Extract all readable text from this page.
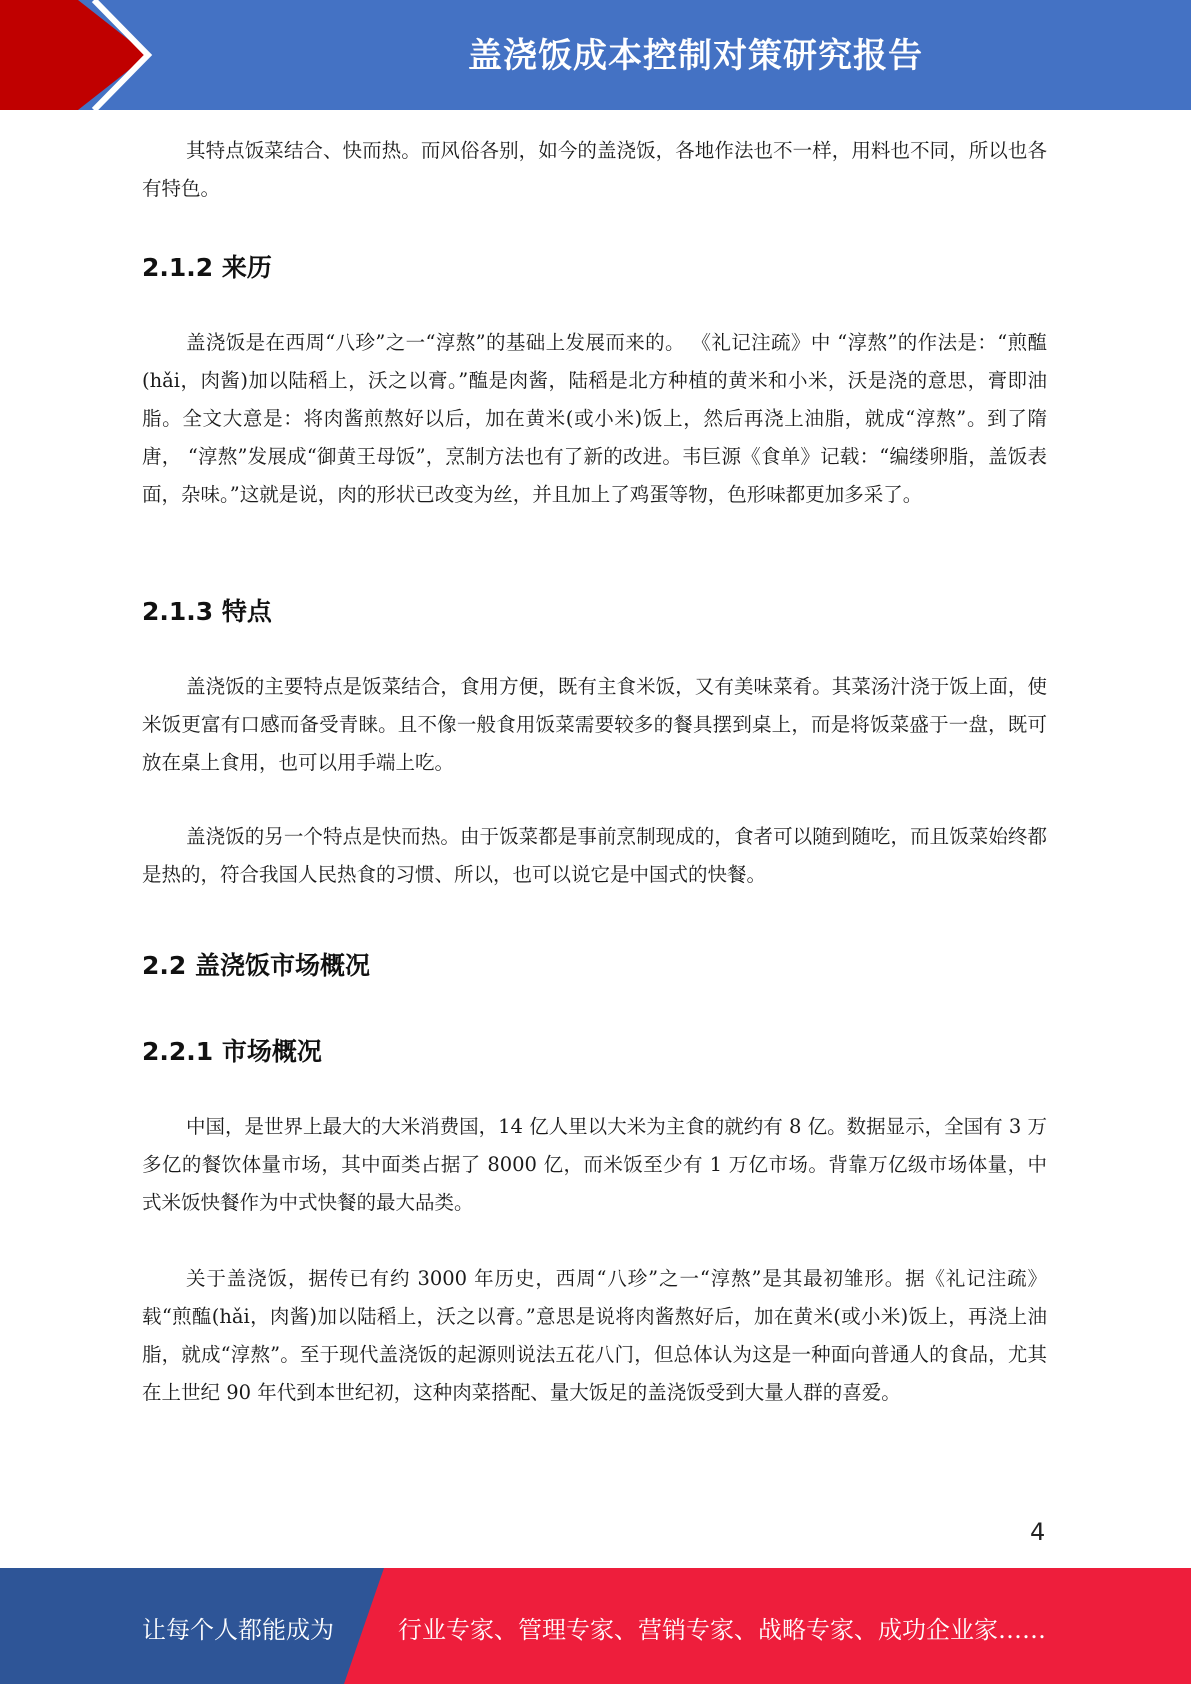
盖浇饭成本控制对策研究报告

其特点饭菜结合、快而热。而风俗各别，如今的盖浇饭，各地作法也不一样，用料也不同，所以也各有特色。

2.1.2 来历

盖浇饭是在西周“八珍”之一“淳熬”的基础上发展而来的。 《礼记注疏》中 “淳熬”的作法是：“煎醢(hǎi，肉酱)加以陆稻上，沃之以膏。”醢是肉酱，陆稻是北方种植的黄米和小米，沃是浇的意思，膏即油脂。全文大意是：将肉酱煎熬好以后，加在黄米(或小米)饭上，然后再浇上油脂，就成“淳熬”。到了隋唐， “淳熬”发展成“御黄王母饭”，烹制方法也有了新的改进。韦巨源《食单》记载：“编缕卵脂，盖饭表面，杂味。”这就是说，肉的形状已改变为丝，并且加上了鸡蛋等物，色形味都更加多采了。

2.1.3 特点

盖浇饭的主要特点是饭菜结合，食用方便，既有主食米饭，又有美味菜肴。其菜汤汁浇于饭上面，使米饭更富有口感而备受青睐。且不像一般食用饭菜需要较多的餐具摆到桌上，而是将饭菜盛于一盘，既可放在桌上食用，也可以用手端上吃。

盖浇饭的另一个特点是快而热。由于饭菜都是事前烹制现成的，食者可以随到随吃，而且饭菜始终都是热的，符合我国人民热食的习惯、所以，也可以说它是中国式的快餐。

2.2 盖浇饭市场概况
2.2.1 市场概况

中国，是世界上最大的大米消费国，14 亿人里以大米为主食的就约有 8 亿。数据显示，全国有 3 万多亿的餐饮体量市场，其中面类占据了 8000 亿，而米饭至少有 1 万亿市场。背靠万亿级市场体量，中式米饭快餐作为中式快餐的最大品类。

关于盖浇饭，据传已有约 3000 年历史，西周“八珍”之一“淳熬”是其最初雏形。据《礼记注疏》载“煎醢(hǎi，肉酱)加以陆稻上，沃之以膏。”意思是说将肉酱熬好后，加在黄米(或小米)饭上，再浇上油脂，就成“淳熬”。至于现代盖浇饭的起源则说法五花八门，但总体认为这是一种面向普通人的食品，尤其在上世纪 90 年代到本世纪初，这种肉菜搭配、量大饭足的盖浇饭受到大量人群的喜爱。

4
让每个人都能成为	行业专家、管理专家、营销专家、战略专家、成功企业家……
